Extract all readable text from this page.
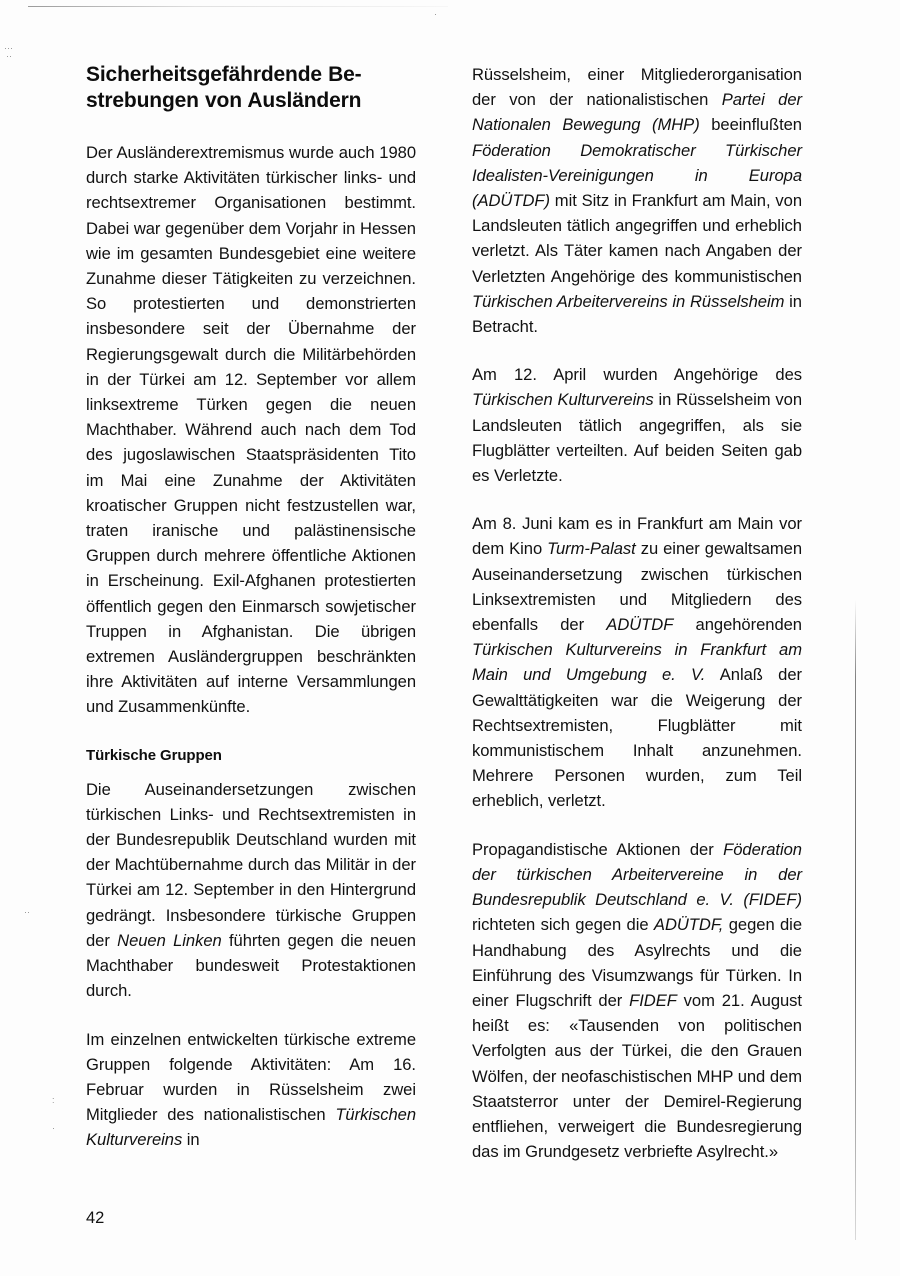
···
··
··
:
·
·
Sicherheitsgefährdende Be-
strebungen von Ausländern

Der Ausländerextremismus wurde auch 1980 durch starke Aktivitäten türkischer links- und rechtsextremer Organisationen bestimmt. Dabei war gegenüber dem Vorjahr in Hessen wie im gesamten Bundesgebiet eine weitere Zunahme dieser Tätigkeiten zu verzeichnen. So protestierten und demonstrierten insbesondere seit der Übernahme der Regierungsgewalt durch die Militärbehörden in der Türkei am 12. September vor allem linksextreme Türken gegen die neuen Machthaber. Während auch nach dem Tod des jugoslawischen Staatspräsidenten Tito im Mai eine Zunahme der Aktivitäten kroatischer Gruppen nicht festzustellen war, traten iranische und palästinensische Gruppen durch mehrere öffentliche Aktionen in Erscheinung. Exil-Afghanen protestierten öffentlich gegen den Einmarsch sowjetischer Truppen in Afghanistan. Die übrigen extremen Ausländergruppen beschränkten ihre Aktivitäten auf interne Versammlungen und Zusammenkünfte.

Türkische Gruppen

Die Auseinandersetzungen zwischen türkischen Links- und Rechtsextremisten in der Bundesrepublik Deutschland wurden mit der Machtübernahme durch das Militär in der Türkei am 12. September in den Hintergrund gedrängt. Insbesondere türkische Gruppen der Neuen Linken führten gegen die neuen Machthaber bundesweit Protestaktionen durch.

Im einzelnen entwickelten türkische extreme Gruppen folgende Aktivitäten: Am 16. Februar wurden in Rüsselsheim zwei Mitglieder des nationalistischen Türkischen Kulturvereins in

Rüsselsheim, einer Mitgliederorganisation der von der nationalistischen Partei der Nationalen Bewegung (MHP) beeinflußten Föderation Demokratischer Türkischer Idealisten-Vereinigungen in Europa (ADÜTDF) mit Sitz in Frankfurt am Main, von Landsleuten tätlich angegriffen und erheblich verletzt. Als Täter kamen nach Angaben der Verletzten Angehörige des kommunistischen Türkischen Arbeitervereins in Rüsselsheim in Betracht.

Am 12. April wurden Angehörige des Türkischen Kulturvereins in Rüsselsheim von Landsleuten tätlich angegriffen, als sie Flugblätter verteilten. Auf beiden Seiten gab es Verletzte.

Am 8. Juni kam es in Frankfurt am Main vor dem Kino Turm-Palast zu einer gewaltsamen Auseinandersetzung zwischen türkischen Linksextremisten und Mitgliedern des ebenfalls der ADÜTDF angehörenden Türkischen Kulturvereins in Frankfurt am Main und Umgebung e. V. Anlaß der Gewalttätigkeiten war die Weigerung der Rechtsextremisten, Flugblätter mit kommunistischem Inhalt anzunehmen. Mehrere Personen wurden, zum Teil erheblich, verletzt.

Propagandistische Aktionen der Föderation der türkischen Arbeitervereine in der Bundesrepublik Deutschland e. V. (FIDEF) richteten sich gegen die ADÜTDF, gegen die Handhabung des Asylrechts und die Einführung des Visumzwangs für Türken. In einer Flugschrift der FIDEF vom 21. August heißt es: «Tausenden von politischen Verfolgten aus der Türkei, die den Grauen Wölfen, der neofaschistischen MHP und dem Staatsterror unter der Demirel-Regierung entfliehen, verweigert die Bundesregierung das im Grundgesetz verbriefte Asylrecht.»

42
